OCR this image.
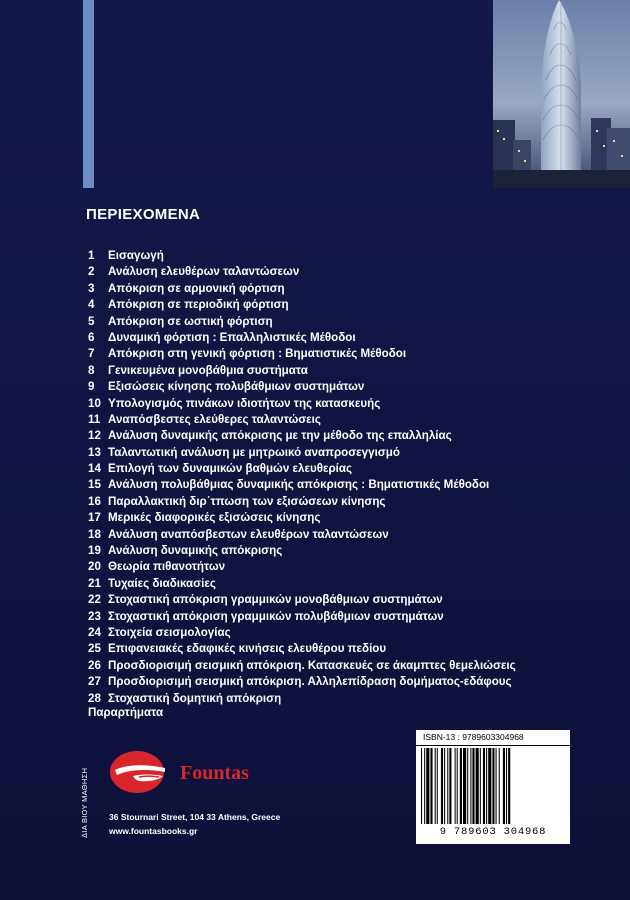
ΠΕΡΙΕΧΟΜΕΝΑ
1 Εισαγωγή
2 Ανάλυση ελευθέρων ταλαντώσεων
3 Απόκριση σε αρμονική φόρτιση
4 Απόκριση σε περιοδική φόρτιση
5 Απόκριση σε ωστική φόρτιση
6 Δυναμική φόρτιση : Επαλληλιστικές Μέθοδοι
7 Απόκριση στη γενική φόρτιση : Βηματιστικές Μέθοδοι
8 Γενικευμένα μονοβάθμια συστήματα
9 Εξισώσεις κίνησης πολυβάθμιων συστημάτων
10 Υπολογισμός πινάκων ιδιοτήτων της κατασκευής
11 Αναπόσβεστες ελεύθερες ταλαντώσεις
12 Ανάλυση δυναμικής απόκρισης με την μέθοδο της επαλληλίας
13 Ταλαντωτική ανάλυση με μητρωικό αναπροσεγγισμό
14 Επιλογή των δυναμικών βαθμών ελευθερίας
15 Ανάλυση πολυβάθμιας δυναμικής απόκρισης : Βηματιστικές Μέθοδοι
16 Παραλλακτική διρ΄τπωση των εξισώσεων κίνησης
17 Μερικές διαφορικές εξισώσεις κίνησης
18 Ανάλυση αναπόσβεστων ελευθέρων ταλαντώσεων
19 Ανάλυση δυναμικής απόκρισης
20 Θεωρία πιθανοτήτων
21 Τυχαίες διαδικασίες
22 Στοχαστική απόκριση γραμμικών μονοβάθμιων συστημάτων
23 Στοχαστική απόκριση γραμμικών πολυβάθμιων συστημάτων
24 Στοιχεία σεισμολογίας
25 Επιφανειακές εδαφικές κινήσεις ελευθέρου πεδίου
26 Προσδιορισιμή σεισμική απόκριση. Κατασκευές σε άκαμπτες θεμελιώσεις
27 Προσδιορισιμή σεισμική απόκριση. Αλληλεπίδραση δομήματος-εδάφους
28 Στοχαστική δομητική απόκριση
Παραρτήματα
ΔΙΑ ΒΙΟΥ ΜΑΘΗΣΗ	Fountas
36 Stournari Street, 104 33 Athens, Greece
www.fountasbooks.gr
ISBN-13 : 9789603304968
9 789603 304968
